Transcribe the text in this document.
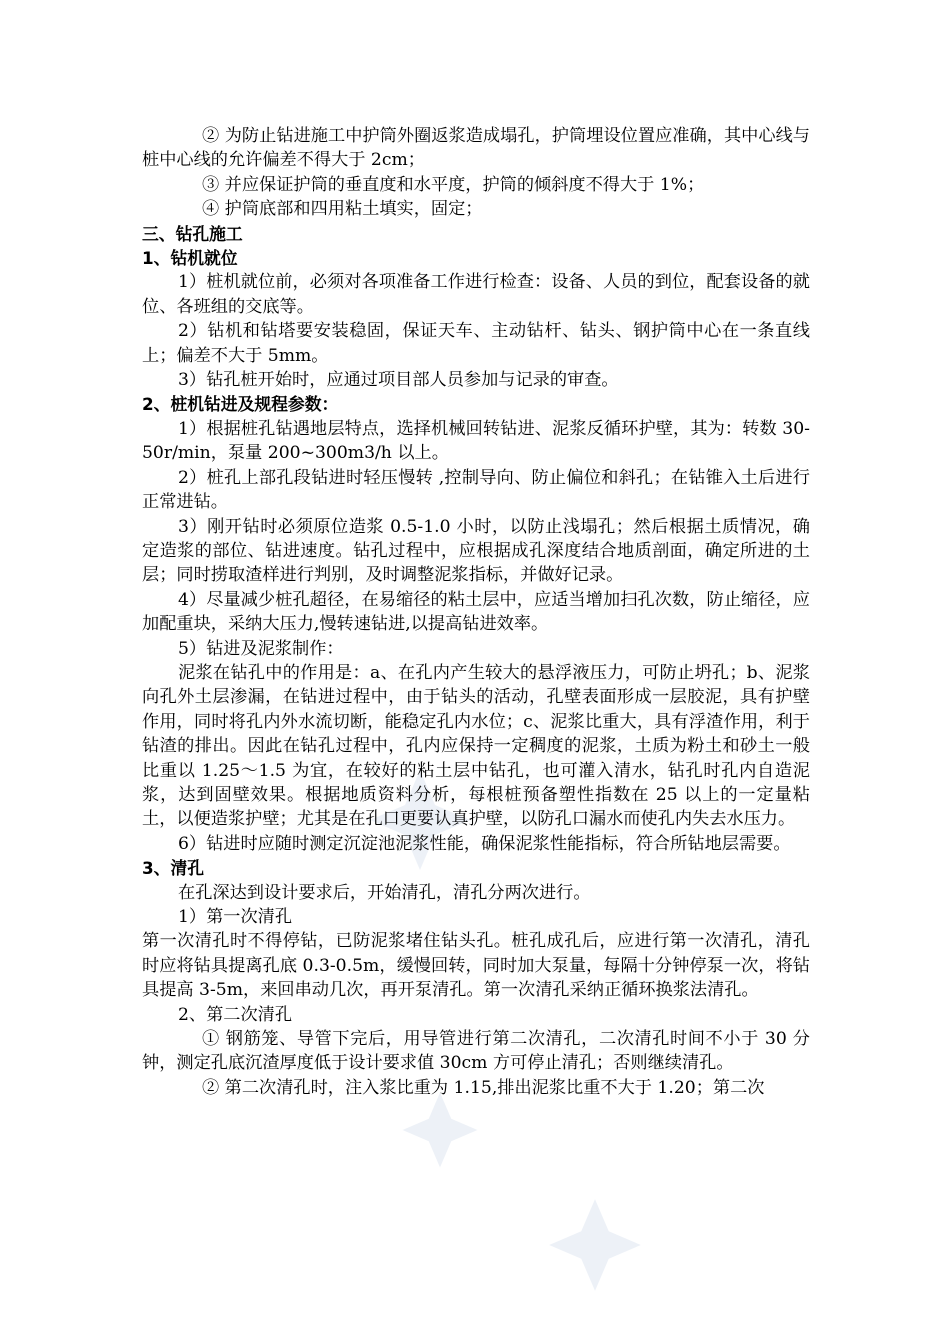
② 为防止钻进施工中护筒外圈返浆造成塌孔，护筒埋设位置应准确，其中心线与桩中心线的允许偏差不得大于 2cm；

③ 并应保证护筒的垂直度和水平度，护筒的倾斜度不得大于 1%；

④ 护筒底部和四用粘土填实，固定；

三、钻孔施工

1、钻机就位

1）桩机就位前，必须对各项准备工作进行检查：设备、人员的到位，配套设备的就位、各班组的交底等。

2）钻机和钻塔要安装稳固，保证天车、主动钻杆、钻头、钢护筒中心在一条直线上；偏差不大于 5mm。

3）钻孔桩开始时，应通过项目部人员参加与记录的审查。

2、桩机钻进及规程参数：

1）根据桩孔钻遇地层特点，选择机械回转钻进、泥浆反循环护壁，其为：转数 30-50r/min，泵量 200~300m3/h 以上。

2）桩孔上部孔段钻进时轻压慢转 ,控制导向、防止偏位和斜孔；在钻锥入土后进行正常进钻。

3）刚开钻时必须原位造浆 0.5-1.0 小时，以防止浅塌孔；然后根据土质情况，确定造浆的部位、钻进速度。钻孔过程中，应根据成孔深度结合地质剖面，确定所进的土层；同时捞取渣样进行判别，及时调整泥浆指标，并做好记录。

4）尽量减少桩孔超径，在易缩径的粘土层中，应适当增加扫孔次数，防止缩径，应加配重块，采纳大压力,慢转速钻进,以提高钻进效率。

5）钻进及泥浆制作：

泥浆在钻孔中的作用是：a、在孔内产生较大的悬浮液压力，可防止坍孔；b、泥浆向孔外土层渗漏，在钻进过程中，由于钻头的活动，孔壁表面形成一层胶泥，具有护壁作用，同时将孔内外水流切断，能稳定孔内水位；c、泥浆比重大，具有浮渣作用，利于钻渣的排出。因此在钻孔过程中，孔内应保持一定稠度的泥浆，土质为粉土和砂土一般比重以 1.25～1.5 为宜，在较好的粘土层中钻孔，也可灌入清水，钻孔时孔内自造泥浆，达到固壁效果。根据地质资料分析，每根桩预备塑性指数在 25 以上的一定量粘土，以便造浆护壁；尤其是在孔口更要认真护壁，以防孔口漏水而使孔内失去水压力。

6）钻进时应随时测定沉淀池泥浆性能，确保泥浆性能指标，符合所钻地层需要。

3、清孔

在孔深达到设计要求后，开始清孔，清孔分两次进行。

1）第一次清孔

第一次清孔时不得停钻，已防泥浆堵住钻头孔。桩孔成孔后，应进行第一次清孔，清孔时应将钻具提离孔底 0.3-0.5m，缓慢回转，同时加大泵量，每隔十分钟停泵一次，将钻具提高 3-5m，来回串动几次，再开泵清孔。第一次清孔采纳正循环换浆法清孔。

2、第二次清孔

① 钢筋笼、导管下完后，用导管进行第二次清孔，二次清孔时间不小于 30 分钟，测定孔底沉渣厚度低于设计要求值 30cm 方可停止清孔；否则继续清孔。

② 第二次清孔时，注入浆比重为 1.15,排出泥浆比重不大于 1.20；第二次
